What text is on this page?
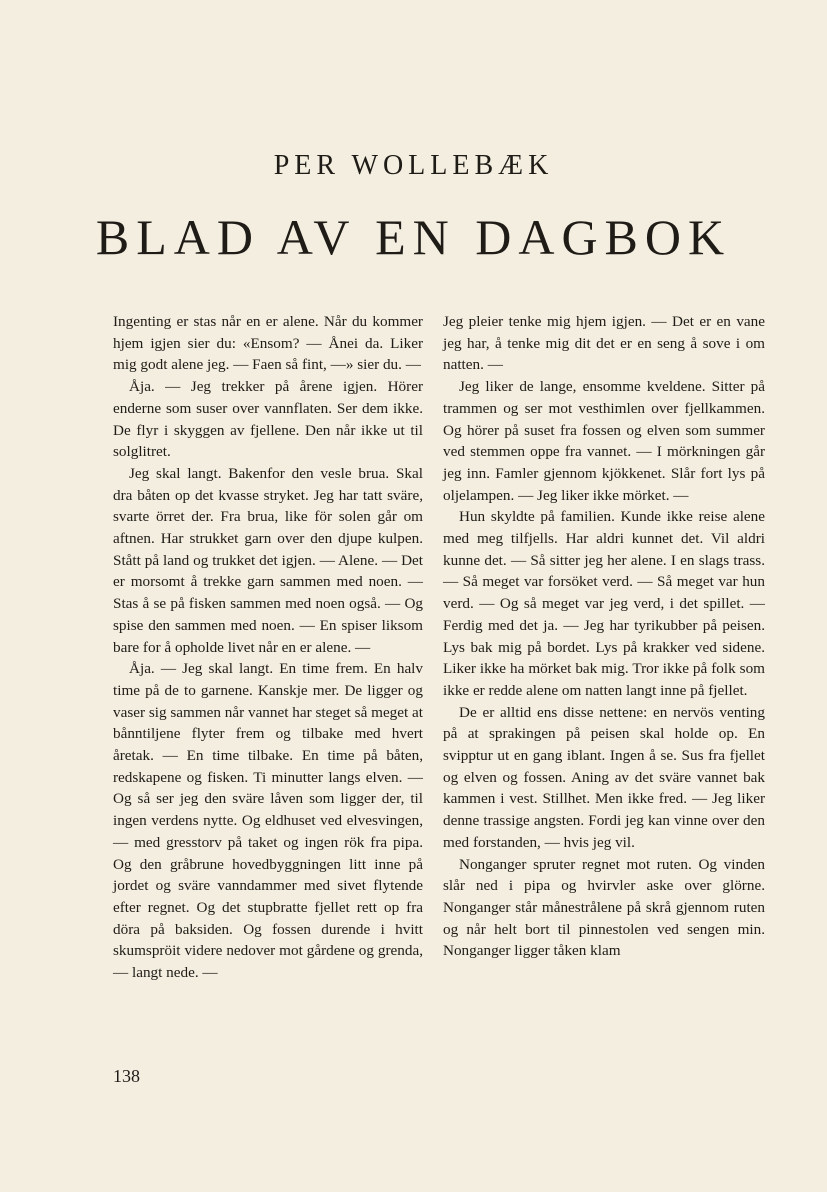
PER WOLLEBÆK
BLAD AV EN DAGBOK

Ingenting er stas når en er alene. Når du kommer hjem igjen sier du: «Ensom? — Ånei da. Liker mig godt alene jeg. — Faen så fint, —» sier du. —

Åja. — Jeg trekker på årene igjen. Hörer enderne som suser over vannflaten. Ser dem ikke. De flyr i skyggen av fjellene. Den når ikke ut til solglitret.

Jeg skal langt. Bakenfor den vesle brua. Skal dra båten op det kvasse stryket. Jeg har tatt sväre, svarte örret der. Fra brua, like för solen går om aftnen. Har strukket garn over den djupe kulpen. Stått på land og trukket det igjen. — Alene. — Det er morsomt å trekke garn sammen med noen. — Stas å se på fisken sammen med noen også. — Og spise den sammen med noen. — En spiser liksom bare for å opholde livet når en er alene. —

Åja. — Jeg skal langt. En time frem. En halv time på de to garnene. Kanskje mer. De ligger og vaser sig sammen når vannet har steget så meget at bånntiljene flyter frem og tilbake med hvert åretak. — En time tilbake. En time på båten, redskapene og fisken. Ti minutter langs elven. — Og så ser jeg den sväre låven som ligger der, til ingen verdens nytte. Og eldhuset ved elvesvingen, — med gresstorv på taket og ingen rök fra pipa. Og den gråbrune hovedbyggningen litt inne på jordet og sväre vanndammer med sivet flytende efter regnet. Og det stupbratte fjellet rett op fra döra på baksiden. Og fossen durende i hvitt skumspröit videre nedover mot gårdene og grenda, — langt nede. —

Jeg pleier tenke mig hjem igjen. — Det er en vane jeg har, å tenke mig dit det er en seng å sove i om natten. —

Jeg liker de lange, ensomme kveldene. Sitter på trammen og ser mot vesthimlen over fjellkammen. Og hörer på suset fra fossen og elven som summer ved stemmen oppe fra vannet. — I mörkningen går jeg inn. Famler gjennom kjökkenet. Slår fort lys på oljelampen. — Jeg liker ikke mörket. —

Hun skyldte på familien. Kunde ikke reise alene med meg tilfjells. Har aldri kunnet det. Vil aldri kunne det. — Så sitter jeg her alene. I en slags trass. — Så meget var forsöket verd. — Så meget var hun verd. — Og så meget var jeg verd, i det spillet. — Ferdig med det ja. — Jeg har tyrikubber på peisen. Lys bak mig på bordet. Lys på krakker ved sidene. Liker ikke ha mörket bak mig. Tror ikke på folk som ikke er redde alene om natten langt inne på fjellet.

De er alltid ens disse nettene: en nervös venting på at sprakingen på peisen skal holde op. En svipptur ut en gang iblant. Ingen å se. Sus fra fjellet og elven og fossen. Aning av det sväre vannet bak kammen i vest. Stillhet. Men ikke fred. — Jeg liker denne trassige angsten. Fordi jeg kan vinne over den med forstanden, — hvis jeg vil.

Nonganger spruter regnet mot ruten. Og vinden slår ned i pipa og hvirvler aske over glörne. Nonganger står månestrålene på skrå gjennom ruten og når helt bort til pinnestolen ved sengen min. Nonganger ligger tåken klam

138
